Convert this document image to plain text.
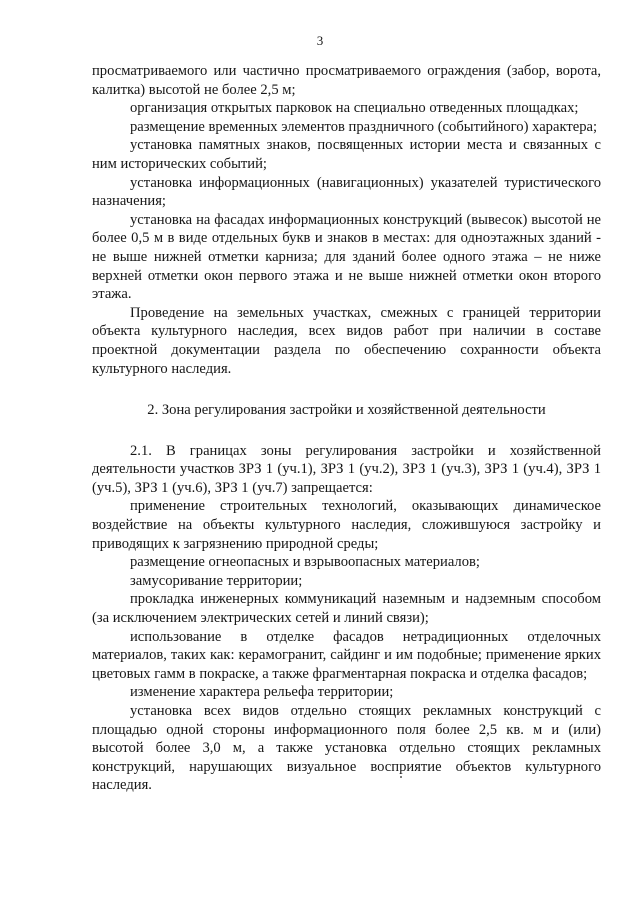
3

просматриваемого или частично просматриваемого ограждения (забор, ворота, калитка) высотой не более 2,5 м;

организация открытых парковок на специально отведенных площадках;

размещение временных элементов праздничного (событийного) характера;

установка памятных знаков, посвященных истории места и связанных с ним исторических событий;

установка информационных (навигационных) указателей туристического назначения;

установка на фасадах информационных конструкций (вывесок) высотой не более 0,5 м в виде отдельных букв и знаков в местах: для одноэтажных зданий - не выше нижней отметки карниза; для зданий более одного этажа – не ниже верхней отметки окон первого этажа и не выше нижней отметки окон второго этажа.

Проведение на земельных участках, смежных с границей территории объекта культурного наследия, всех видов работ при наличии в составе проектной документации раздела по обеспечению сохранности объекта культурного наследия.

2. Зона регулирования застройки и хозяйственной деятельности

2.1. В границах зоны регулирования застройки и хозяйственной деятельности участков ЗРЗ 1 (уч.1), ЗРЗ 1 (уч.2), ЗРЗ 1 (уч.3), ЗРЗ 1 (уч.4), ЗРЗ 1 (уч.5), ЗРЗ 1 (уч.6), ЗРЗ 1 (уч.7) запрещается:

применение строительных технологий, оказывающих динамическое воздействие на объекты культурного наследия, сложившуюся застройку и приводящих к загрязнению природной среды;

размещение огнеопасных и взрывоопасных материалов;

замусоривание территории;

прокладка инженерных коммуникаций наземным и надземным способом (за исключением электрических сетей и линий связи);

использование в отделке фасадов нетрадиционных отделочных материалов, таких как: керамогранит, сайдинг и им подобные; применение ярких цветовых гамм в покраске, а также фрагментарная покраска и отделка фасадов;

изменение характера рельефа территории;

установка всех видов отдельно стоящих рекламных конструкций с площадью одной стороны информационного поля более 2,5 кв. м и (или) высотой более 3,0 м, а также установка отдельно стоящих рекламных конструкций, нарушающих визуальное восприятие объектов культурного наследия.
